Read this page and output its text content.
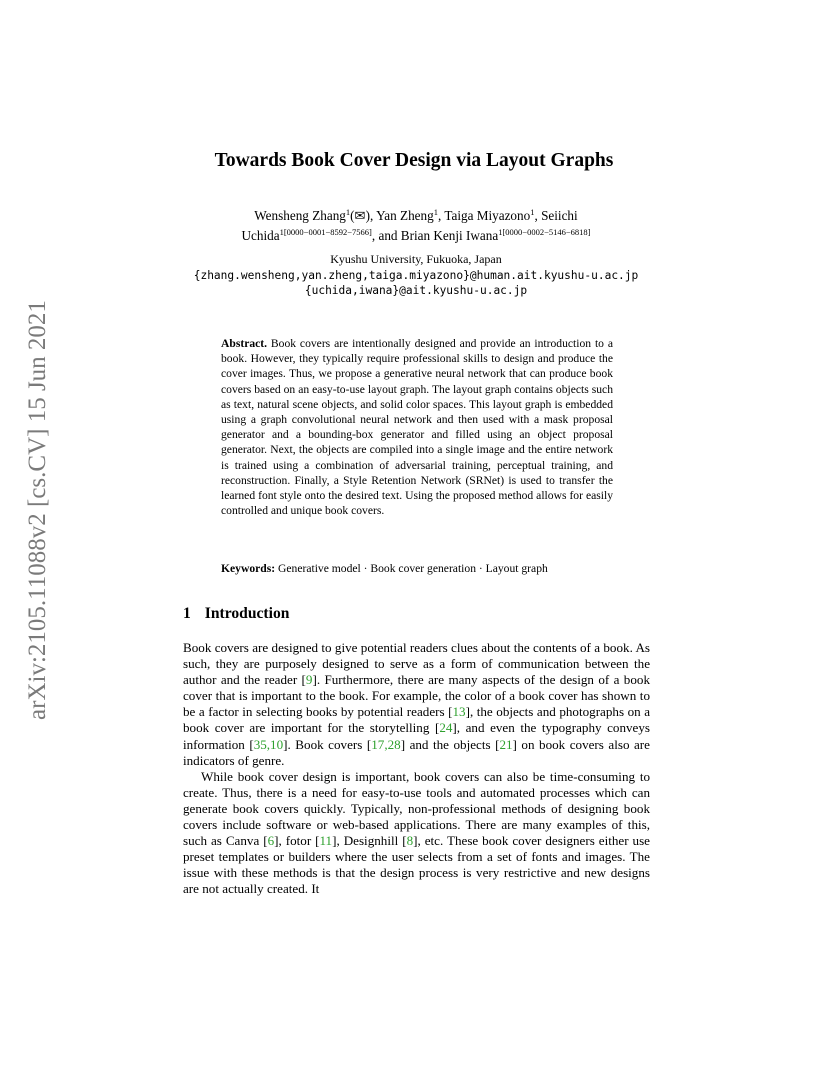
arXiv:2105.11088v2 [cs.CV] 15 Jun 2021
Towards Book Cover Design via Layout Graphs
Wensheng Zhang$^1$(✉), Yan Zheng$^1$, Taiga Miyazono$^1$, Seiichi
Uchida$^{1[0000-0001-8592-7566]}$, and Brian Kenji Iwana$^{1[0000-0002-5146-6818]}$
Kyushu University, Fukuoka, Japan
{zhang.wensheng,yan.zheng,taiga.miyazono}@human.ait.kyushu-u.ac.jp
{uchida,iwana}@ait.kyushu-u.ac.jp
Abstract. Book covers are intentionally designed and provide an introduction to a book. However, they typically require professional skills to design and produce the cover images. Thus, we propose a generative neural network that can produce book covers based on an easy-to-use layout graph. The layout graph contains objects such as text, natural scene objects, and solid color spaces. This layout graph is embedded using a graph convolutional neural network and then used with a mask proposal generator and a bounding-box generator and filled using an object proposal generator. Next, the objects are compiled into a single image and the entire network is trained using a combination of adversarial training, perceptual training, and reconstruction. Finally, a Style Retention Network (SRNet) is used to transfer the learned font style onto the desired text. Using the proposed method allows for easily controlled and unique book covers.
Keywords: Generative model · Book cover generation · Layout graph
1 Introduction

Book covers are designed to give potential readers clues about the contents of a book. As such, they are purposely designed to serve as a form of communication between the author and the reader [9]. Furthermore, there are many aspects of the design of a book cover that is important to the book. For example, the color of a book cover has shown to be a factor in selecting books by potential readers [13], the objects and photographs on a book cover are important for the storytelling [24], and even the typography conveys information [35,10]. Book covers [17,28] and the objects [21] on book covers also are indicators of genre.

While book cover design is important, book covers can also be time-consuming to create. Thus, there is a need for easy-to-use tools and automated processes which can generate book covers quickly. Typically, non-professional methods of designing book covers include software or web-based applications. There are many examples of this, such as Canva [6], fotor [11], Designhill [8], etc. These book cover designers either use preset templates or builders where the user selects from a set of fonts and images. The issue with these methods is that the design process is very restrictive and new designs are not actually created. It
